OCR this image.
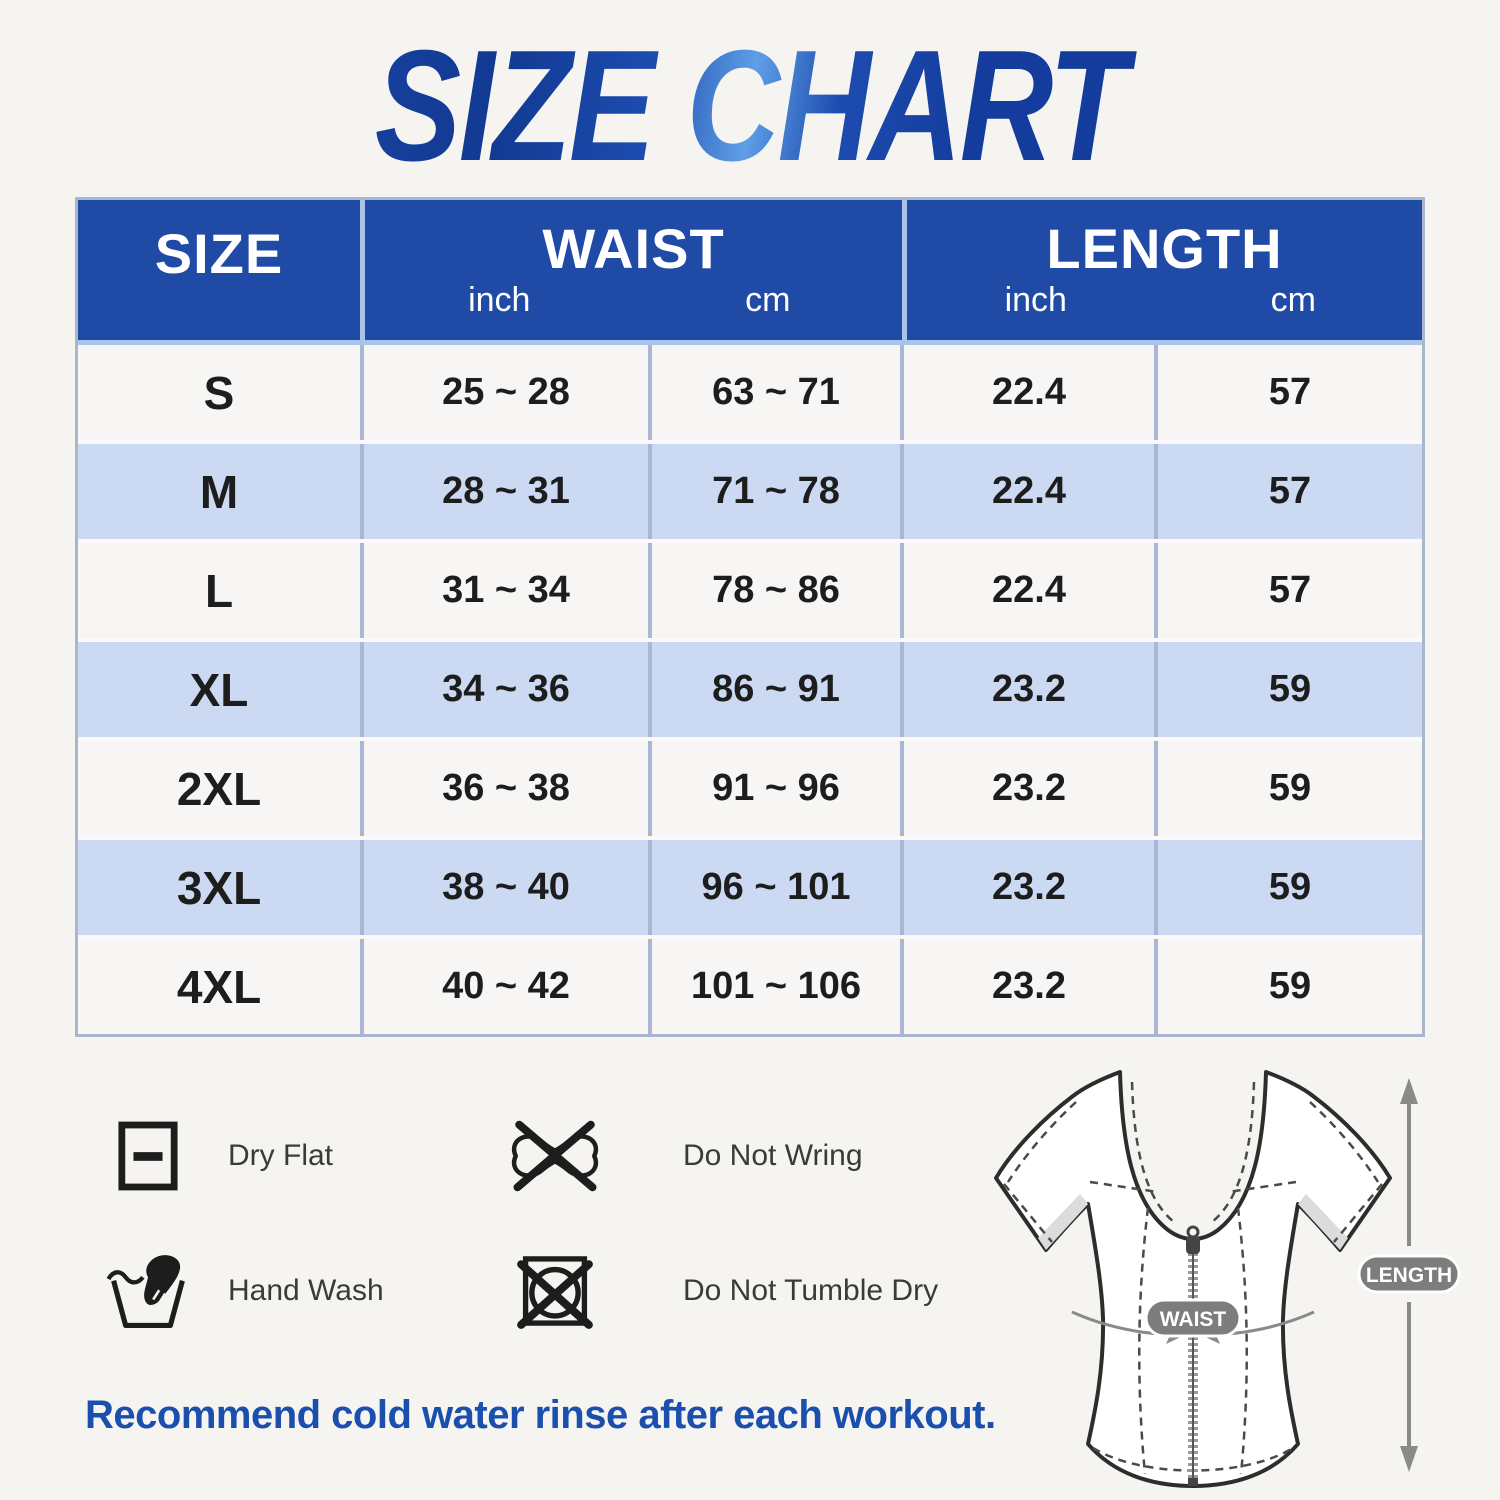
SIZE CHART
SIZE	WAIST
inch	cm
LENGTH
inch	cm
S	25 ~ 28	63 ~ 71	22.4	57
M	28 ~ 31	71 ~ 78	22.4	57
L	31 ~ 34	78 ~ 86	22.4	57
XL	34 ~ 36	86 ~ 91	23.2	59
2XL	36 ~ 38	91 ~ 96	23.2	59
3XL	38 ~ 40	96 ~ 101	23.2	59
4XL	40 ~ 42	101 ~ 106	23.2	59
Dry Flat	Do Not Wring
Hand Wash	Do Not Tumble Dry
Recommend cold water rinse after each workout.
WAIST
LENGTH
